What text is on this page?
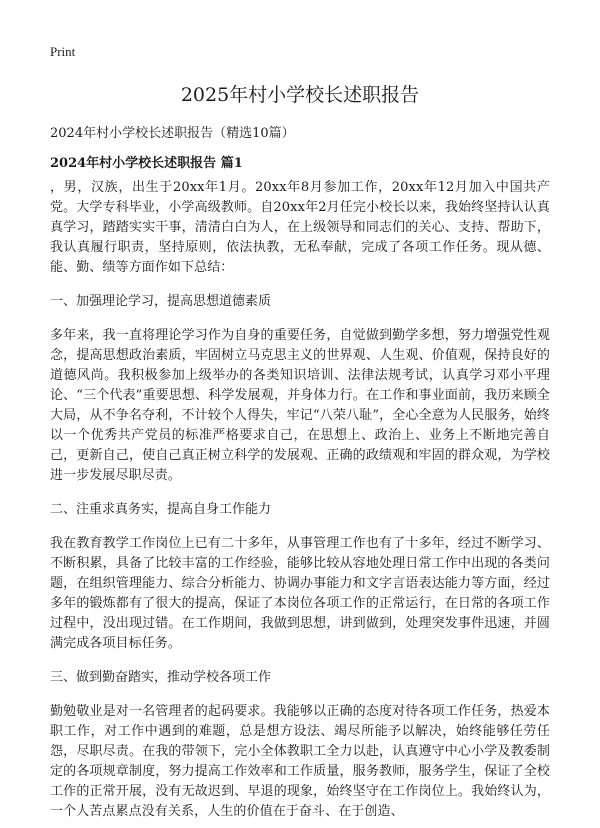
Print
2025年村小学校长述职报告

2024年村小学校长述职报告（精选10篇）

2024年村小学校长述职报告 篇1

，男，汉族，出生于20xx年1月。20xx年8月参加工作，20xx年12月加入中国共产党。大学专科毕业，小学高级教师。自20xx年2月任完小校长以来，我始终坚持认认真真学习，踏踏实实干事，清清白白为人，在上级领导和同志们的关心、支持、帮助下，我认真履行职责，坚持原则，依法执教，无私奉献，完成了各项工作任务。现从德、能、勤、绩等方面作如下总结：

一、加强理论学习，提高思想道德素质

多年来，我一直将理论学习作为自身的重要任务，自觉做到勤学多想，努力增强党性观念，提高思想政治素质，牢固树立马克思主义的世界观、人生观、价值观，保持良好的道德风尚。我积极参加上级举办的各类知识培训、法律法规考试，认真学习邓小平理论、“三个代表”重要思想、科学发展观，并身体力行。在工作和事业面前，我历来顾全大局，从不争名夺利，不计较个人得失，牢记“八荣八耻”，全心全意为人民服务，始终以一个优秀共产党员的标准严格要求自己，在思想上、政治上、业务上不断地完善自己，更新自己，使自己真正树立科学的发展观、正确的政绩观和牢固的群众观，为学校进一步发展尽职尽责。

二、注重求真务实，提高自身工作能力

我在教育教学工作岗位上已有二十多年，从事管理工作也有了十多年，经过不断学习、不断积累，具备了比较丰富的工作经验，能够比较从容地处理日常工作中出现的各类问题，在组织管理能力、综合分析能力、协调办事能力和文字言语表达能力等方面，经过多年的锻炼都有了很大的提高，保证了本岗位各项工作的正常运行，在日常的各项工作过程中，没出现过错。在工作期间，我做到思想，讲到做到，处理突发事件迅速，并圆满完成各项目标任务。

三、做到勤奋踏实，推动学校各项工作

勤勉敬业是对一名管理者的起码要求。我能够以正确的态度对待各项工作任务，热爱本职工作，对工作中遇到的难题，总是想方设法、竭尽所能予以解决，始终能够任劳任怨，尽职尽责。在我的带领下，完小全体教职工全力以赴，认真遵守中心小学及教委制定的各项规章制度，努力提高工作效率和工作质量，服务教师，服务学生，保证了全校工作的正常开展，没有无故迟到、早退的现象，始终坚守在工作岗位上。我始终认为，一个人苦点累点没有关系，人生的价值在于奋斗、在于创造、
